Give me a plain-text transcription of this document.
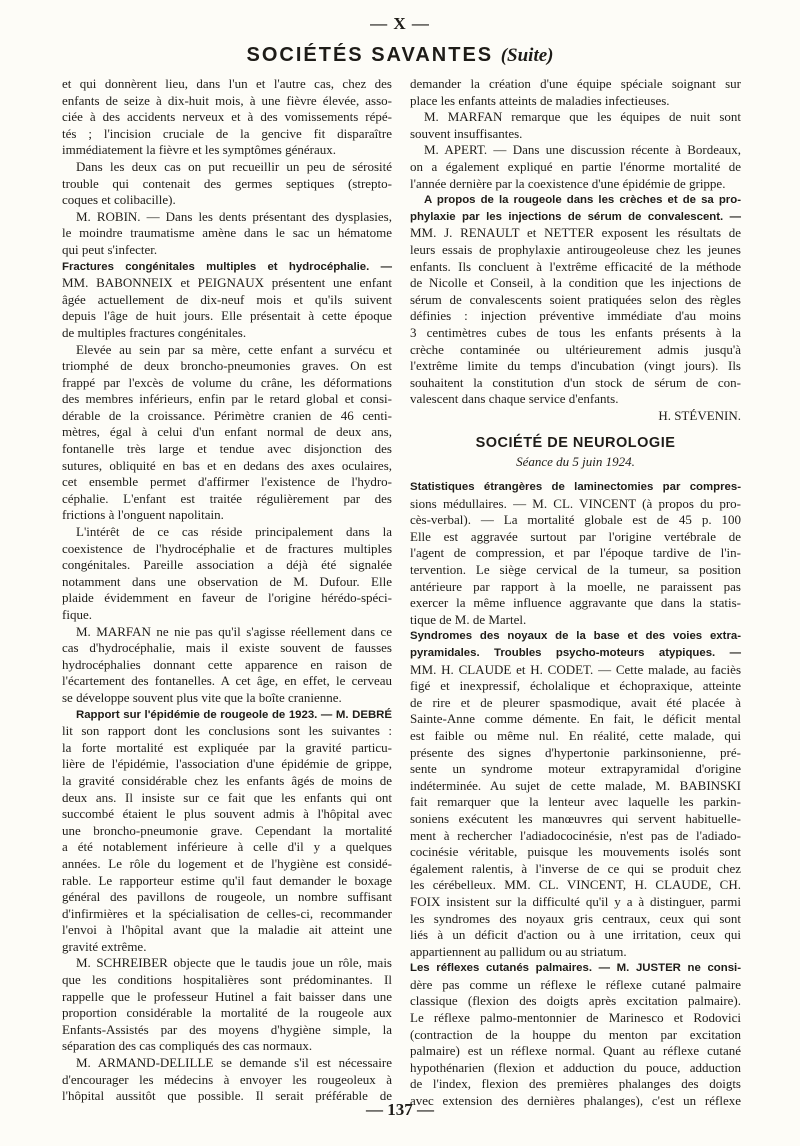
— X —
SOCIÉTÉS SAVANTES (Suite)
et qui donnèrent lieu, dans l'un et l'autre cas, chez des
enfants de seize à dix-huit mois, à une fièvre élevée, asso-
ciée à des accidents nerveux et à des vomissements répé-
tés ; l'incision cruciale de la gencive fit disparaître
immédiatement la fièvre et les symptômes généraux.
Dans les deux cas on put recueillir un peu de sérosité
trouble qui contenait des germes septiques (strepto-
coques et colibacille).
M. ROBIN. — Dans les dents présentant des dysplasies,
le moindre traumatisme amène dans le sac un hématome
qui peut s'infecter.
Fractures congénitales multiples et hydrocéphalie. —
MM. BABONNEIX et PEIGNAUX présentent une enfant
âgée actuellement de dix-neuf mois et qu'ils suivent
depuis l'âge de huit jours. Elle présentait à cette époque
de multiples fractures congénitales.
Elevée au sein par sa mère, cette enfant a survécu et
triomphé de deux broncho-pneumonies graves. On est
frappé par l'excès de volume du crâne, les déformations
des membres inférieurs, enfin par le retard global et consi-
dérable de la croissance. Périmètre cranien de 46 centi-
mètres, égal à celui d'un enfant normal de deux ans,
fontanelle très large et tendue avec disjonction des
sutures, obliquité en bas et en dedans des axes oculaires,
cet ensemble permet d'affirmer l'existence de l'hydro-
céphalie. L'enfant est traitée régulièrement par des
frictions à l'onguent napolitain.
L'intérêt de ce cas réside principalement dans la
coexistence de l'hydrocéphalie et de fractures multiples
congénitales. Pareille association a déjà été signalée
notamment dans une observation de M. Dufour. Elle
plaide évidemment en faveur de l'origine hérédo-spéci-
fique.
M. MARFAN ne nie pas qu'il s'agisse réellement dans ce
cas d'hydrocéphalie, mais il existe souvent de fausses
hydrocéphalies donnant cette apparence en raison de
l'écartement des fontanelles. A cet âge, en effet, le cerveau
se développe souvent plus vite que la boîte cranienne.
Rapport sur l'épidémie de rougeole de 1923. — M. DEBRÉ
lit son rapport dont les conclusions sont les suivantes :
la forte mortalité est expliquée par la gravité particu-
lière de l'épidémie, l'association d'une épidémie de grippe,
la gravité considérable chez les enfants âgés de moins de
deux ans. Il insiste sur ce fait que les enfants qui ont
succombé étaient le plus souvent admis à l'hôpital avec
une broncho-pneumonie grave. Cependant la mortalité
a été notablement inférieure à celle d'il y a quelques
années. Le rôle du logement et de l'hygiène est considé-
rable. Le rapporteur estime qu'il faut demander le boxage
général des pavillons de rougeole, un nombre suffisant
d'infirmières et la spécialisation de celles-ci, recommander
l'envoi à l'hôpital avant que la maladie ait atteint une
gravité extrême.
M. SCHREIBER objecte que le taudis joue un rôle, mais
que les conditions hospitalières sont prédominantes. Il
rappelle que le professeur Hutinel a fait baisser dans une
proportion considérable la mortalité de la rougeole aux
Enfants-Assistés par des moyens d'hygiène simple, la
séparation des cas compliqués des cas normaux.
M. ARMAND-DELILLE se demande s'il est nécessaire
d'encourager les médecins à envoyer les rougeoleux à
l'hôpital aussitôt que possible. Il serait préférable de
demander la création d'une équipe spéciale soignant sur
place les enfants atteints de maladies infectieuses.
M. MARFAN remarque que les équipes de nuit sont
souvent insuffisantes.
M. APERT. — Dans une discussion récente à Bordeaux,
on a également expliqué en partie l'énorme mortalité de
l'année dernière par la coexistence d'une épidémie de grippe.
A propos de la rougeole dans les crèches et de sa pro-
phylaxie par les injections de sérum de convalescent. —
MM. J. RENAULT et NETTER exposent les résultats de
leurs essais de prophylaxie antirougeoleuse chez les jeunes
enfants. Ils concluent à l'extrême efficacité de la méthode
de Nicolle et Conseil, à la condition que les injections de
sérum de convalescents soient pratiquées selon des règles
définies : injection préventive immédiate d'au moins
3 centimètres cubes de tous les enfants présents à la
crèche contaminée ou ultérieurement admis jusqu'à
l'extrême limite du temps d'incubation (vingt jours). Ils
souhaitent la constitution d'un stock de sérum de con-
valescent dans chaque service d'enfants.
H. STÉVENIN.
SOCIÉTÉ DE NEUROLOGIE
Séance du 5 juin 1924.
Statistiques étrangères de laminectomies par compres-
sions médullaires. — M. CL. VINCENT (à propos du pro-
cès-verbal). — La mortalité globale est de 45 p. 100
Elle est aggravée surtout par l'origine vertébrale de
l'agent de compression, et par l'époque tardive de l'in-
tervention. Le siège cervical de la tumeur, sa position
antérieure par rapport à la moelle, ne paraissent pas
exercer la même influence aggravante que dans la statis-
tique de M. de Martel.
Syndromes des noyaux de la base et des voies extra-
pyramidales. Troubles psycho-moteurs atypiques. —
MM. H. CLAUDE et H. CODET. — Cette malade, au faciès
figé et inexpressif, écholalique et échopraxique, atteinte
de rire et de pleurer spasmodique, avait été placée à
Sainte-Anne comme démente. En fait, le déficit mental
est faible ou même nul. En réalité, cette malade, qui
présente des signes d'hypertonie parkinsonienne, pré-
sente un syndrome moteur extrapyramidal d'origine
indéterminée. Au sujet de cette malade, M. BABINSKI
fait remarquer que la lenteur avec laquelle les parkin-
soniens exécutent les manœuvres qui servent habituelle-
ment à rechercher l'adiadococinésie, n'est pas de l'adiado-
cocinésie véritable, puisque les mouvements isolés sont
également ralentis, à l'inverse de ce qui se produit chez
les cérébelleux. MM. CL. VINCENT, H. CLAUDE, CH.
FOIX insistent sur la difficulté qu'il y a à distinguer, parmi
les syndromes des noyaux gris centraux, ceux qui sont
liés à un déficit d'action ou à une irritation, ceux qui
appartiennent au pallidum ou au striatum.
Les réflexes cutanés palmaires. — M. JUSTER ne consi-
dère pas comme un réflexe le réflexe cutané palmaire
classique (flexion des doigts après excitation palmaire).
Le réflexe palmo-mentonnier de Marinesco et Rodovici
(contraction de la houppe du menton par excitation
palmaire) est un réflexe normal. Quant au réflexe cutané
hypothénarien (flexion et adduction du pouce, adduction
de l'index, flexion des premières phalanges des doigts
avec extension des dernières phalanges), c'est un réflexe
— 137 —
